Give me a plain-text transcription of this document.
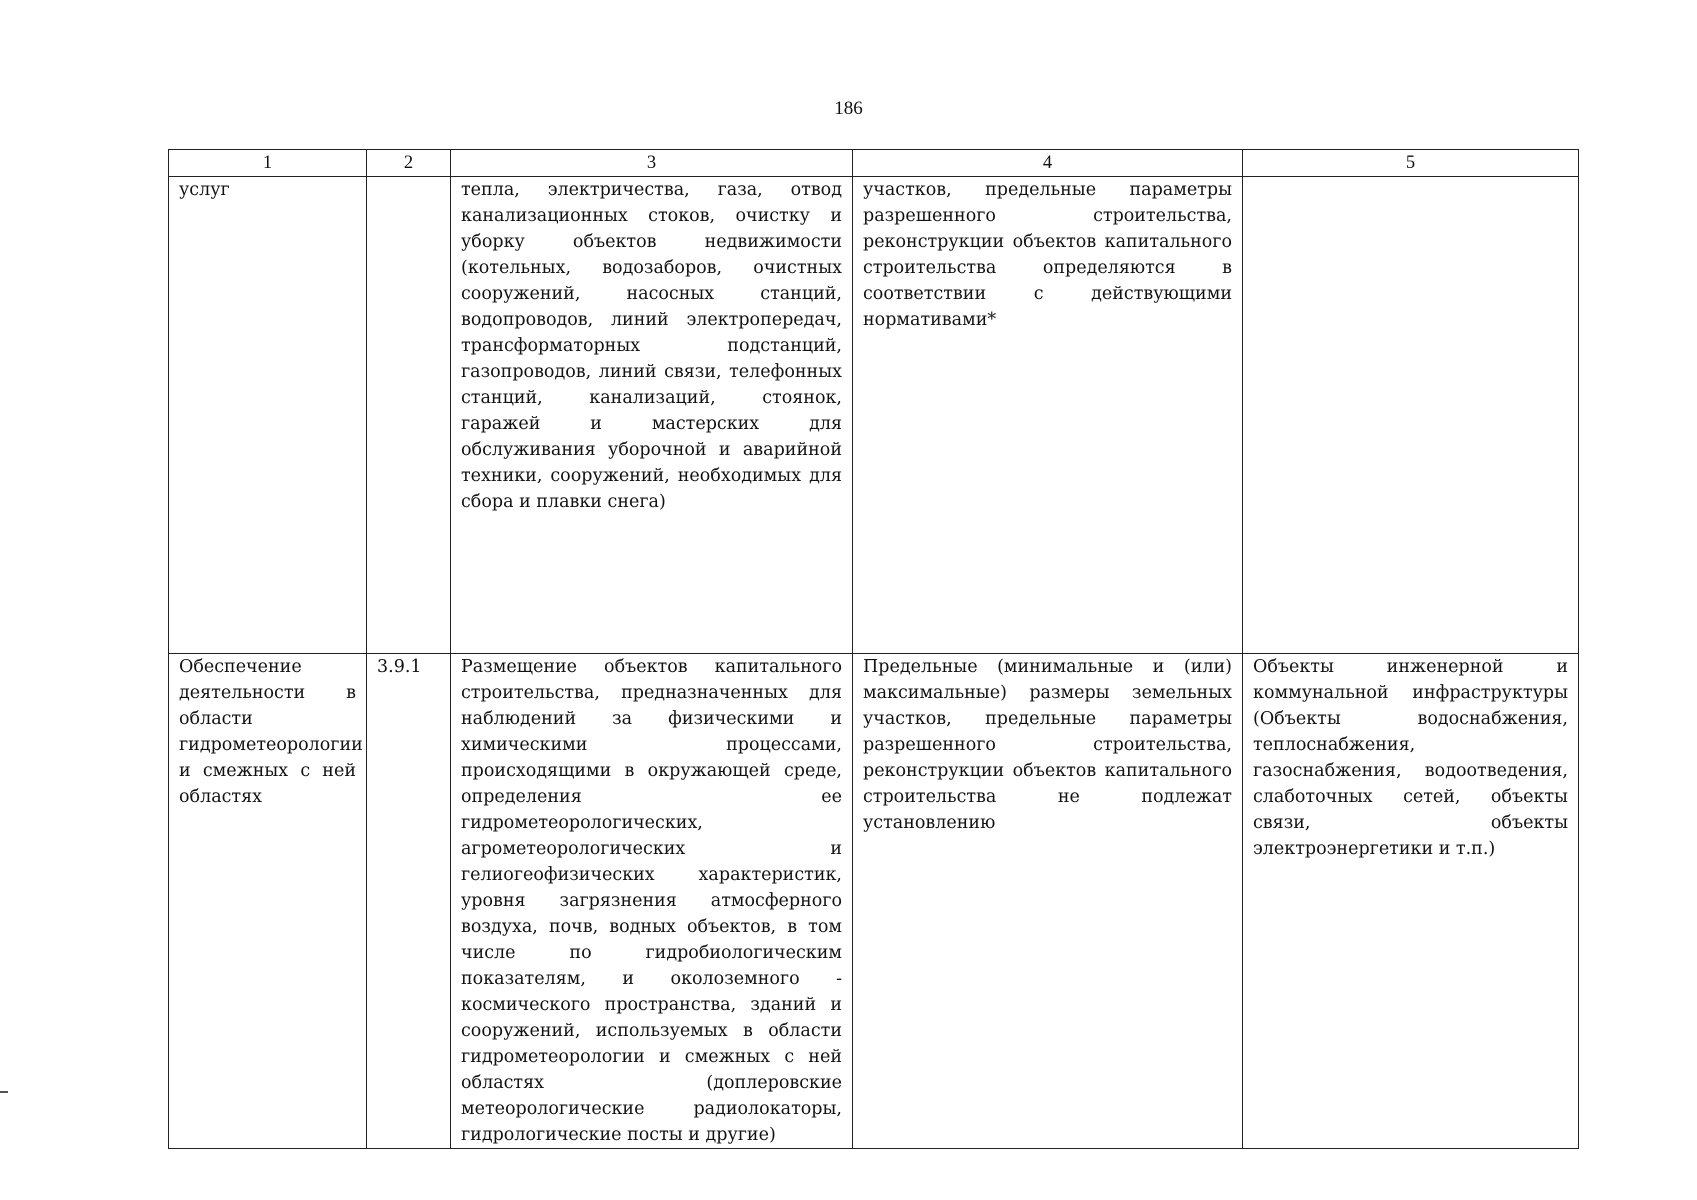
186
1	2	3	4	5
услуг		тепла, электричества, газа, отвод канализационных стоков, очистку и уборку объектов недвижимости (котельных, водозаборов, очистных сооружений, насосных станций, водопроводов, линий электропередач, трансформаторных подстанций, газопроводов, линий связи, телефонных станций, канализаций, стоянок, гаражей и мастерских для обслуживания уборочной и аварийной техники, сооружений, необходимых для сбора и плавки снега)	участков, предельные параметры разрешенного строительства, реконструкции объектов капитального строительства определяются в соответствии с действующими нормативами*	
Обеспечение деятельности в области гидрометеорологии и смежных с ней областях	3.9.1	Размещение объектов капитального строительства, предназначенных для наблюдений за физическими и химическими процессами, происходящими в окружающей среде, определения ее гидрометеорологических, агрометеорологических и гелиогеофизических характеристик, уровня загрязнения атмосферного воздуха, почв, водных объектов, в том числе по гидробиологическим показателям, и околоземного - космического пространства, зданий и сооружений, используемых в области гидрометеорологии и смежных с ней областях (доплеровские метеорологические радиолокаторы, гидрологические посты и другие)	Предельные (минимальные и (или) максимальные) размеры земельных участков, предельные параметры разрешенного строительства, реконструкции объектов капитального строительства не подлежат установлению	Объекты инженерной и коммунальной инфраструктуры (Объекты водоснабжения, теплоснабжения, газоснабжения, водоотведения, слаботочных сетей, объекты связи, объекты электроэнергетики и т.п.)
